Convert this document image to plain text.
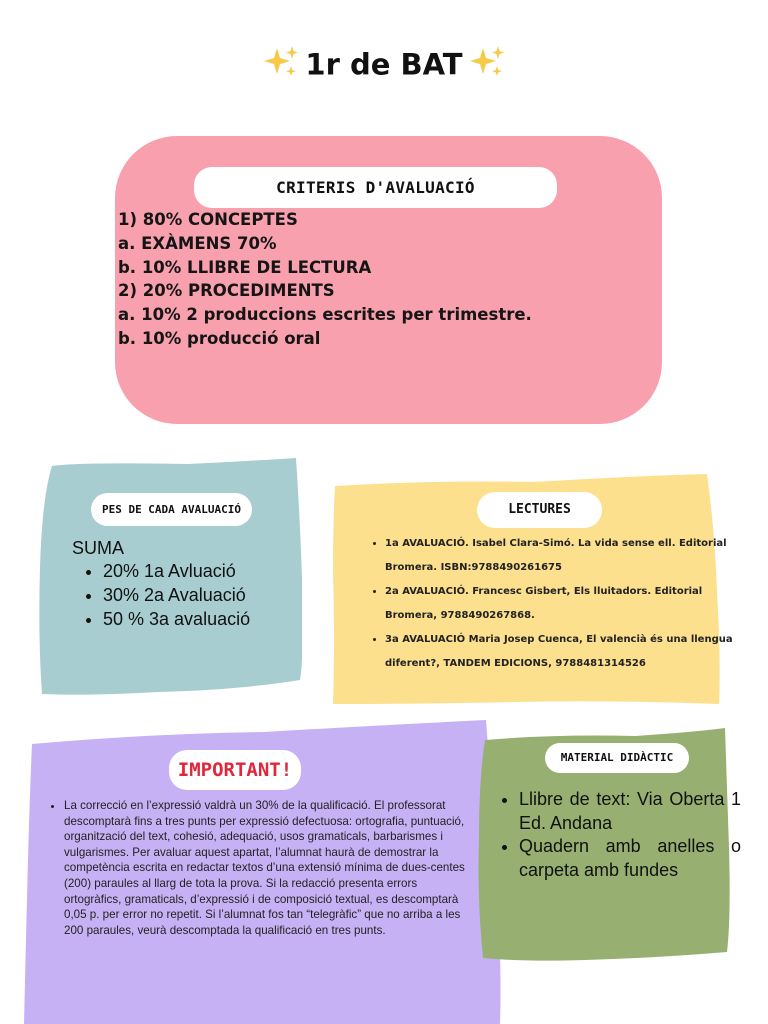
1r de BAT
CRITERIS D'AVALUACIÓ
1) 80% CONCEPTES
a. EXÀMENS 70%
b. 10% LLIBRE DE LECTURA
2) 20% PROCEDIMENTS
a. 10% 2 produccions escrites per trimestre.
b. 10% producció oral
PES DE CADA AVALUACIÓ
SUMA
• 20% 1a Avluació
• 30% 2a Avaluació
• 50 % 3a avaluació
LECTURES
• 1a AVALUACIÓ. Isabel Clara-Simó. La vida sense ell. Editorial Bromera. ISBN:9788490261675
• 2a AVALUACIÓ. Francesc Gisbert, Els lluitadors. Editorial Bromera, 9788490267868.
• 3a AVALUACIÓ Maria Josep Cuenca, El valencià és una llengua diferent?, TANDEM EDICIONS, 9788481314526
IMPORTANT!
• La correcció en l’expressió valdrà un 30% de la qualificació. El professorat descomptarà fins a tres punts per expressió defectuosa: ortografia, puntuació, organització del text, cohesió, adequació, usos gramaticals, barbarismes i vulgarismes. Per avaluar aquest apartat, l’alumnat haurà de demostrar la competència escrita en redactar textos d’una extensió mínima de dues-centes (200) paraules al llarg de tota la prova. Si la redacció presenta errors ortogràfics, gramaticals, d’expressió i de composició textual, es descomptarà 0,05 p. per error no repetit. Si l’alumnat fos tan “telegràfic” que no arriba a les 200 paraules, veurà descomptada la qualificació en tres punts.
MATERIAL DIDÀCTIC
• Llibre de text: Via Oberta 1 Ed. Andana
• Quadern amb anelles o carpeta amb fundes
